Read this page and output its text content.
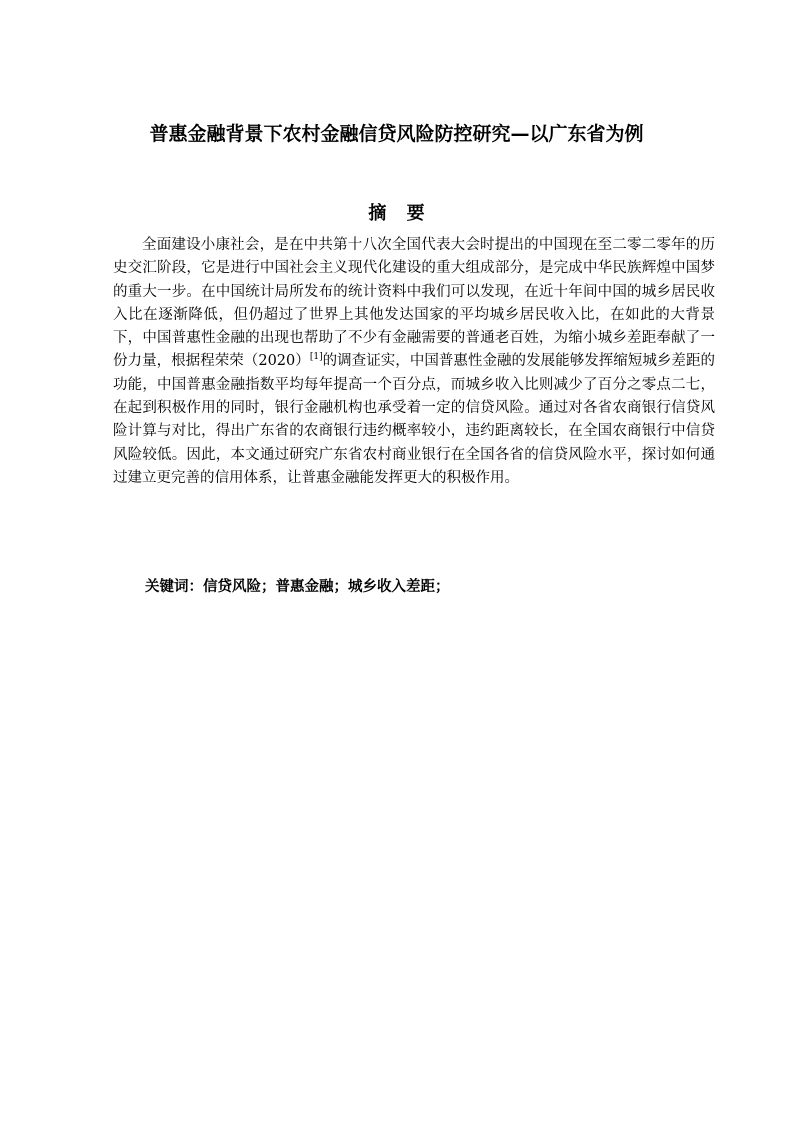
普惠金融背景下农村金融信贷风险防控研究—以广东省为例
摘 要

全面建设小康社会，是在中共第十八次全国代表大会时提出的中国现在至二零二零年的历史交汇阶段，它是进行中国社会主义现代化建设的重大组成部分，是完成中华民族辉煌中国梦的重大一步。在中国统计局所发布的统计资料中我们可以发现，在近十年间中国的城乡居民收入比在逐渐降低，但仍超过了世界上其他发达国家的平均城乡居民收入比，在如此的大背景下，中国普惠性金融的出现也帮助了不少有金融需要的普通老百姓，为缩小城乡差距奉献了一份力量，根据程荣荣（2020）[1]的调查证实，中国普惠性金融的发展能够发挥缩短城乡差距的功能，中国普惠金融指数平均每年提高一个百分点，而城乡收入比则减少了百分之零点二七，在起到积极作用的同时，银行金融机构也承受着一定的信贷风险。通过对各省农商银行信贷风险计算与对比，得出广东省的农商银行违约概率较小，违约距离较长，在全国农商银行中信贷风险较低。因此，本文通过研究广东省农村商业银行在全国各省的信贷风险水平，探讨如何通过建立更完善的信用体系，让普惠金融能发挥更大的积极作用。

关键词：信贷风险；普惠金融；城乡收入差距；
